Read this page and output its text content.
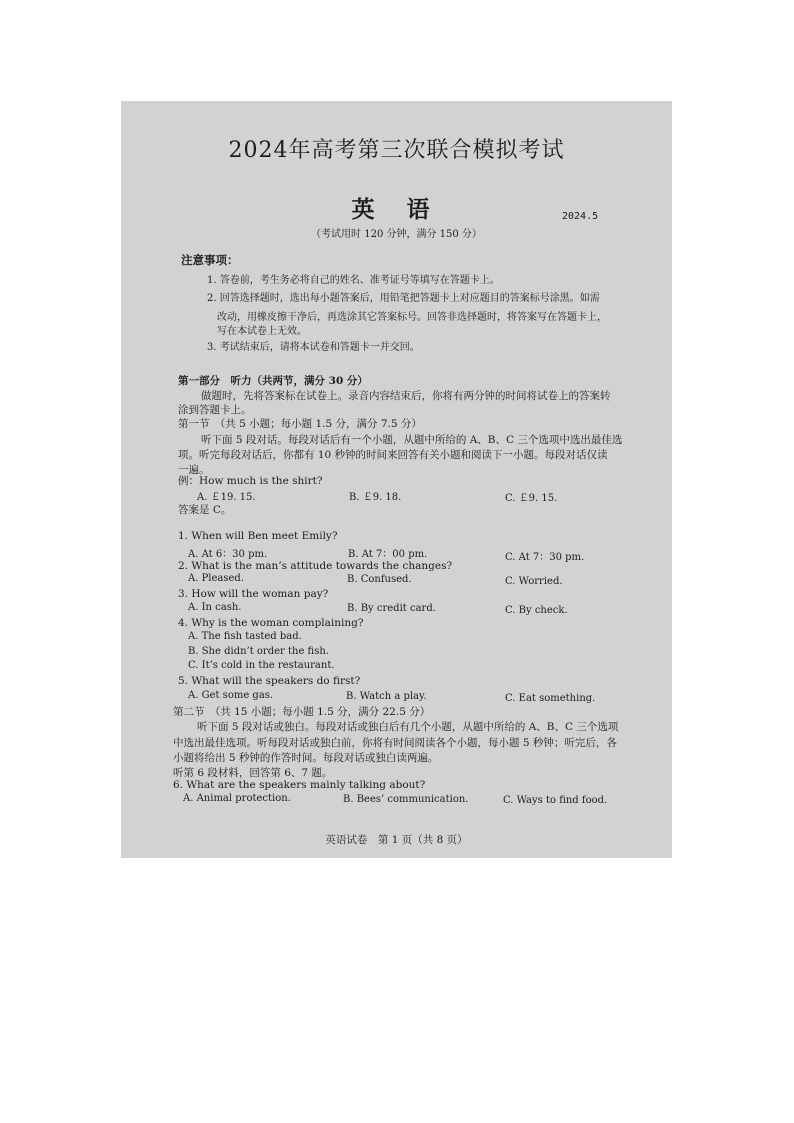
2024年高考第三次联合模拟考试
英 语	2024.5
（考试用时 120 分钟，满分 150 分）
注意事项：
1. 答卷前，考生务必将自己的姓名、准考证号等填写在答题卡上。
2. 回答选择题时，选出每小题答案后，用铅笔把答题卡上对应题目的答案标号涂黑。如需
改动，用橡皮擦干净后，再选涂其它答案标号。回答非选择题时，将答案写在答题卡上，
写在本试卷上无效。
3. 考试结束后，请将本试卷和答题卡一并交回。
第一部分　听力（共两节，满分 30 分）
做题时，先将答案标在试卷上。录音内容结束后，你将有两分钟的时间将试卷上的答案转
涂到答题卡上。
第一节　（共 5 小题；每小题 1.5 分，满分 7.5 分）
听下面 5 段对话。每段对话后有一个小题，从题中所给的 A、B、C 三个选项中选出最佳选
项。听完每段对话后，你都有 10 秒钟的时间来回答有关小题和阅读下一小题。每段对话仅读
一遍。
例：How much is the shirt?
A. ￡19. 15.	B. ￡9. 18.	C. ￡9. 15.
答案是 C。
1. When will Ben meet Emily?
A. At 6：30 pm.	B. At 7：00 pm.	C. At 7：30 pm.
2. What is the man’s attitude towards the changes?
A. Pleased.	B. Confused.	C. Worried.
3. How will the woman pay?
A. In cash.	B. By credit card.	C. By check.
4. Why is the woman complaining?
A. The fish tasted bad.
B. She didn’t order the fish.
C. It’s cold in the restaurant.
5. What will the speakers do first?
A. Get some gas.	B. Watch a play.	C. Eat something.
第二节　（共 15 小题；每小题 1.5 分，满分 22.5 分）
听下面 5 段对话或独白。每段对话或独白后有几个小题，从题中所给的 A、B、C 三个选项
中选出最佳选项。听每段对话或独白前，你将有时间阅读各个小题，每小题 5 秒钟；听完后，各
小题将给出 5 秒钟的作答时间。每段对话或独白读两遍。
听第 6 段材料，回答第 6、7 题。
6. What are the speakers mainly talking about?
A. Animal protection.	B. Bees’ communication.	C. Ways to find food.
英语试卷　第 1 页（共 8 页）
